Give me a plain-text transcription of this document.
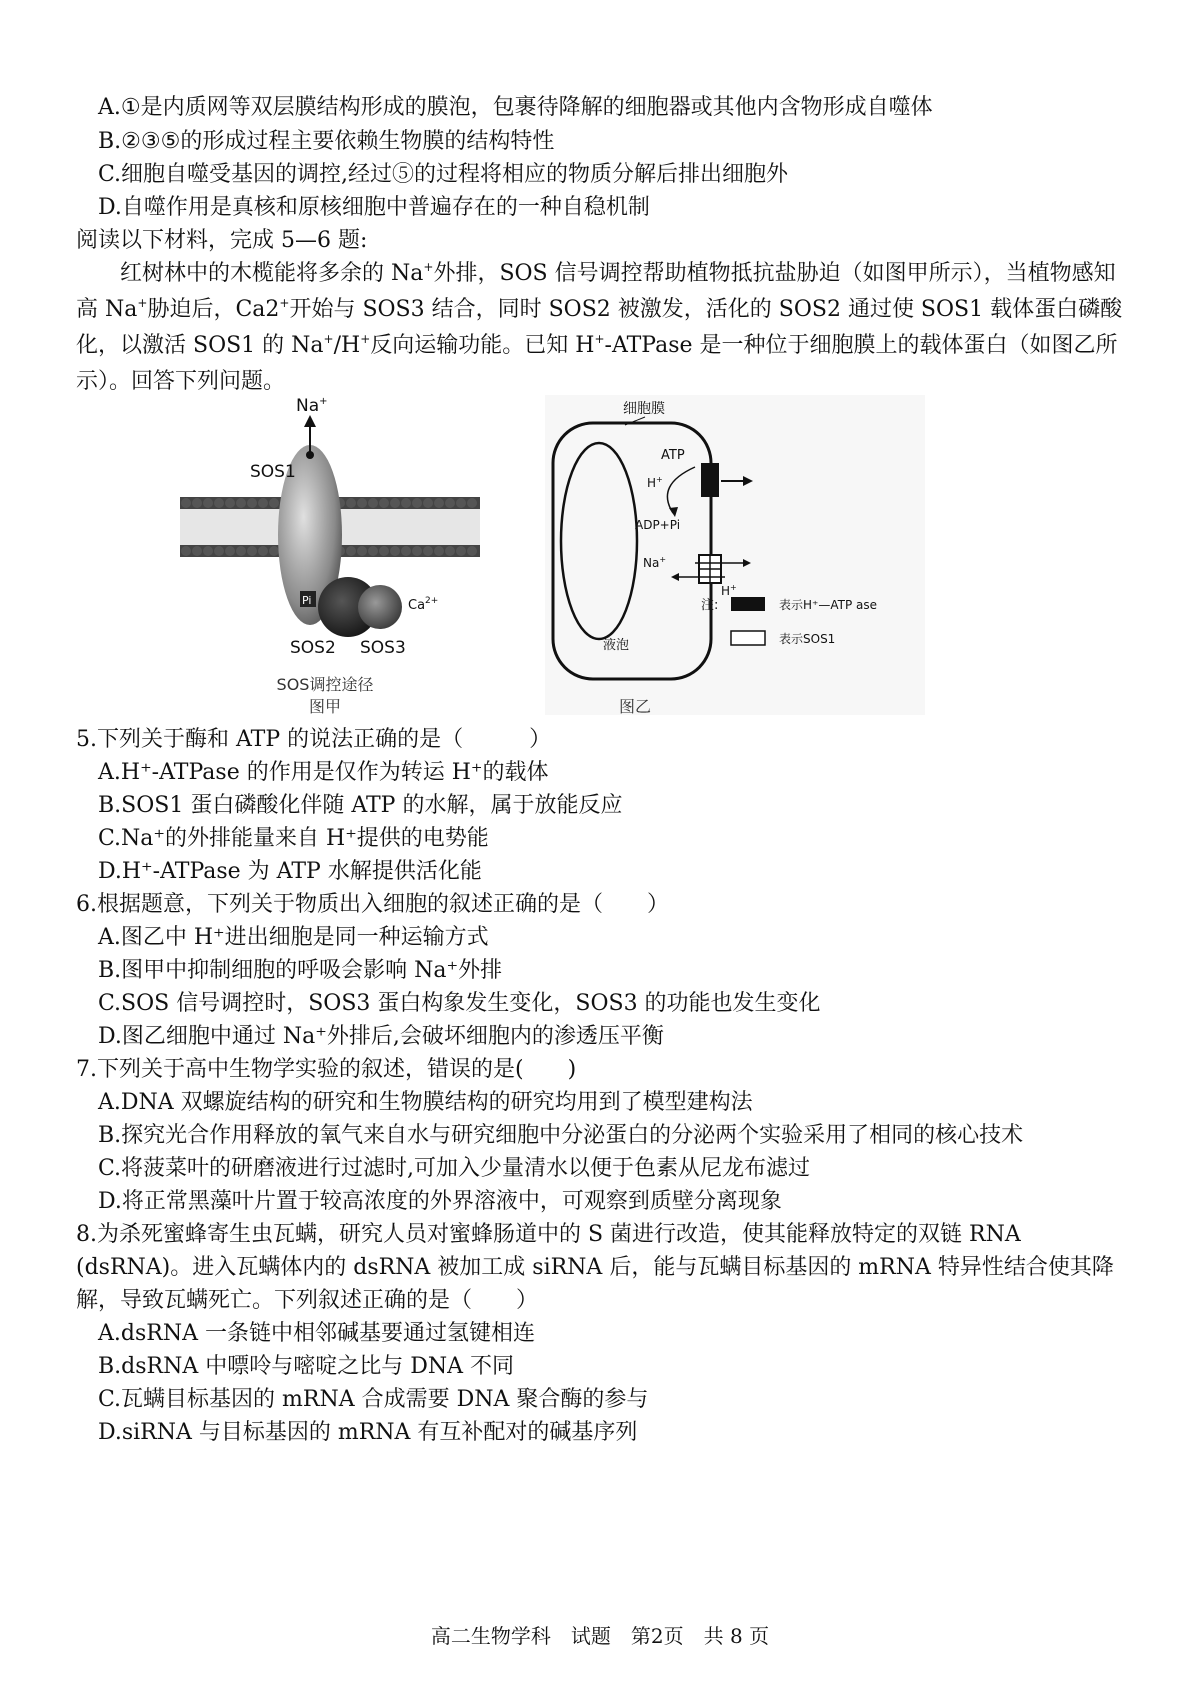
A.①是内质网等双层膜结构形成的膜泡，包裹待降解的细胞器或其他内含物形成自噬体
B.②③⑤的形成过程主要依赖生物膜的结构特性
C.细胞自噬受基因的调控,经过⑤的过程将相应的物质分解后排出细胞外
D.自噬作用是真核和原核细胞中普遍存在的一种自稳机制
阅读以下材料，完成 5—6 题:
红树林中的木榄能将多余的 Na+外排，SOS 信号调控帮助植物抵抗盐胁迫（如图甲所示），当植物感知高 Na+胁迫后，Ca2+开始与 SOS3 结合，同时 SOS2 被激发，活化的 SOS2 通过使 SOS1 载体蛋白磷酸化，以激活 SOS1 的 Na+/H+反向运输功能。已知 H+-ATPase 是一种位于细胞膜上的载体蛋白（如图乙所示）。回答下列问题。
Pi
Na+
SOS1
$Ca^{2+}$
SOS2 SOS3
SOS调控途径
图甲
细胞膜
ATP
H+
ADP+Pi
Na+
H+
液泡
注:	表示H⁺—ATP ase
表示SOS1
图乙
5.下列关于酶和 ATP 的说法正确的是（　　　）
A.H⁺-ATPase 的作用是仅作为转运 H⁺的载体
B.SOS1 蛋白磷酸化伴随 ATP 的水解，属于放能反应
C.Na⁺的外排能量来自 H⁺提供的电势能
D.H⁺-ATPase 为 ATP 水解提供活化能
6.根据题意，下列关于物质出入细胞的叙述正确的是（　　）
A.图乙中 H⁺进出细胞是同一种运输方式
B.图甲中抑制细胞的呼吸会影响 Na⁺外排
C.SOS 信号调控时，SOS3 蛋白构象发生变化，SOS3 的功能也发生变化
D.图乙细胞中通过 Na⁺外排后,会破坏细胞内的渗透压平衡
7.下列关于高中生物学实验的叙述，错误的是(　　)
A.DNA 双螺旋结构的研究和生物膜结构的研究均用到了模型建构法
B.探究光合作用释放的氧气来自水与研究细胞中分泌蛋白的分泌两个实验采用了相同的核心技术
C.将菠菜叶的研磨液进行过滤时,可加入少量清水以便于色素从尼龙布滤过
D.将正常黑藻叶片置于较高浓度的外界溶液中，可观察到质壁分离现象
8.为杀死蜜蜂寄生虫瓦螨，研究人员对蜜蜂肠道中的 S 菌进行改造，使其能释放特定的双链 RNA
(dsRNA)。进入瓦螨体内的 dsRNA 被加工成 siRNA 后，能与瓦螨目标基因的 mRNA 特异性结合使其降
解，导致瓦螨死亡。下列叙述正确的是（　　）
A.dsRNA 一条链中相邻碱基要通过氢键相连
B.dsRNA 中嘌呤与嘧啶之比与 DNA 不同
C.瓦螨目标基因的 mRNA 合成需要 DNA 聚合酶的参与
D.siRNA 与目标基因的 mRNA 有互补配对的碱基序列
高二生物学科　试题　第2页　共 8 页
